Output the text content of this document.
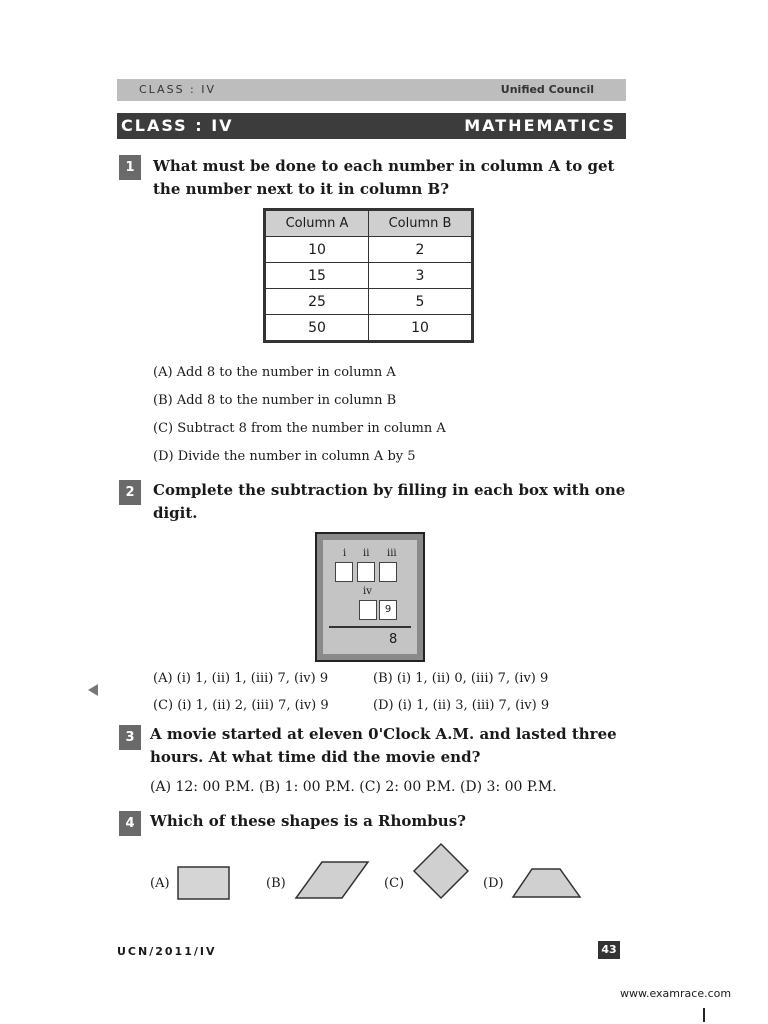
CLASS : IV	Unified Council
CLASS : IV	MATHEMATICS
1	What must be done to each number in column A to get
the number next to it in column B?
Column A	Column B
10	2
15	3
25	5
50	10
(A) Add 8 to the number in column A
(B) Add 8 to the number in column B
(C) Subtract 8 from the number in column A
(D) Divide the number in column A by 5
2	Complete the subtraction by filling in each box with one
digit.
i ii iii
iv
9
8
(A) (i) 1, (ii) 1, (iii) 7, (iv) 9	(B) (i) 1, (ii) 0, (iii) 7, (iv) 9
(C) (i) 1, (ii) 2, (iii) 7, (iv) 9	(D) (i) 1, (ii) 3, (iii) 7, (iv) 9
3	A movie started at eleven 0'Clock A.M. and lasted three
hours. At what time did the movie end?
(A) 12: 00 P.M. (B) 1: 00 P.M. (C) 2: 00 P.M. (D) 3: 00 P.M.
4	Which of these shapes is a Rhombus?
(A)	(B)	(C)	(D)
UCN/2011/IV	43
www.examrace.com
